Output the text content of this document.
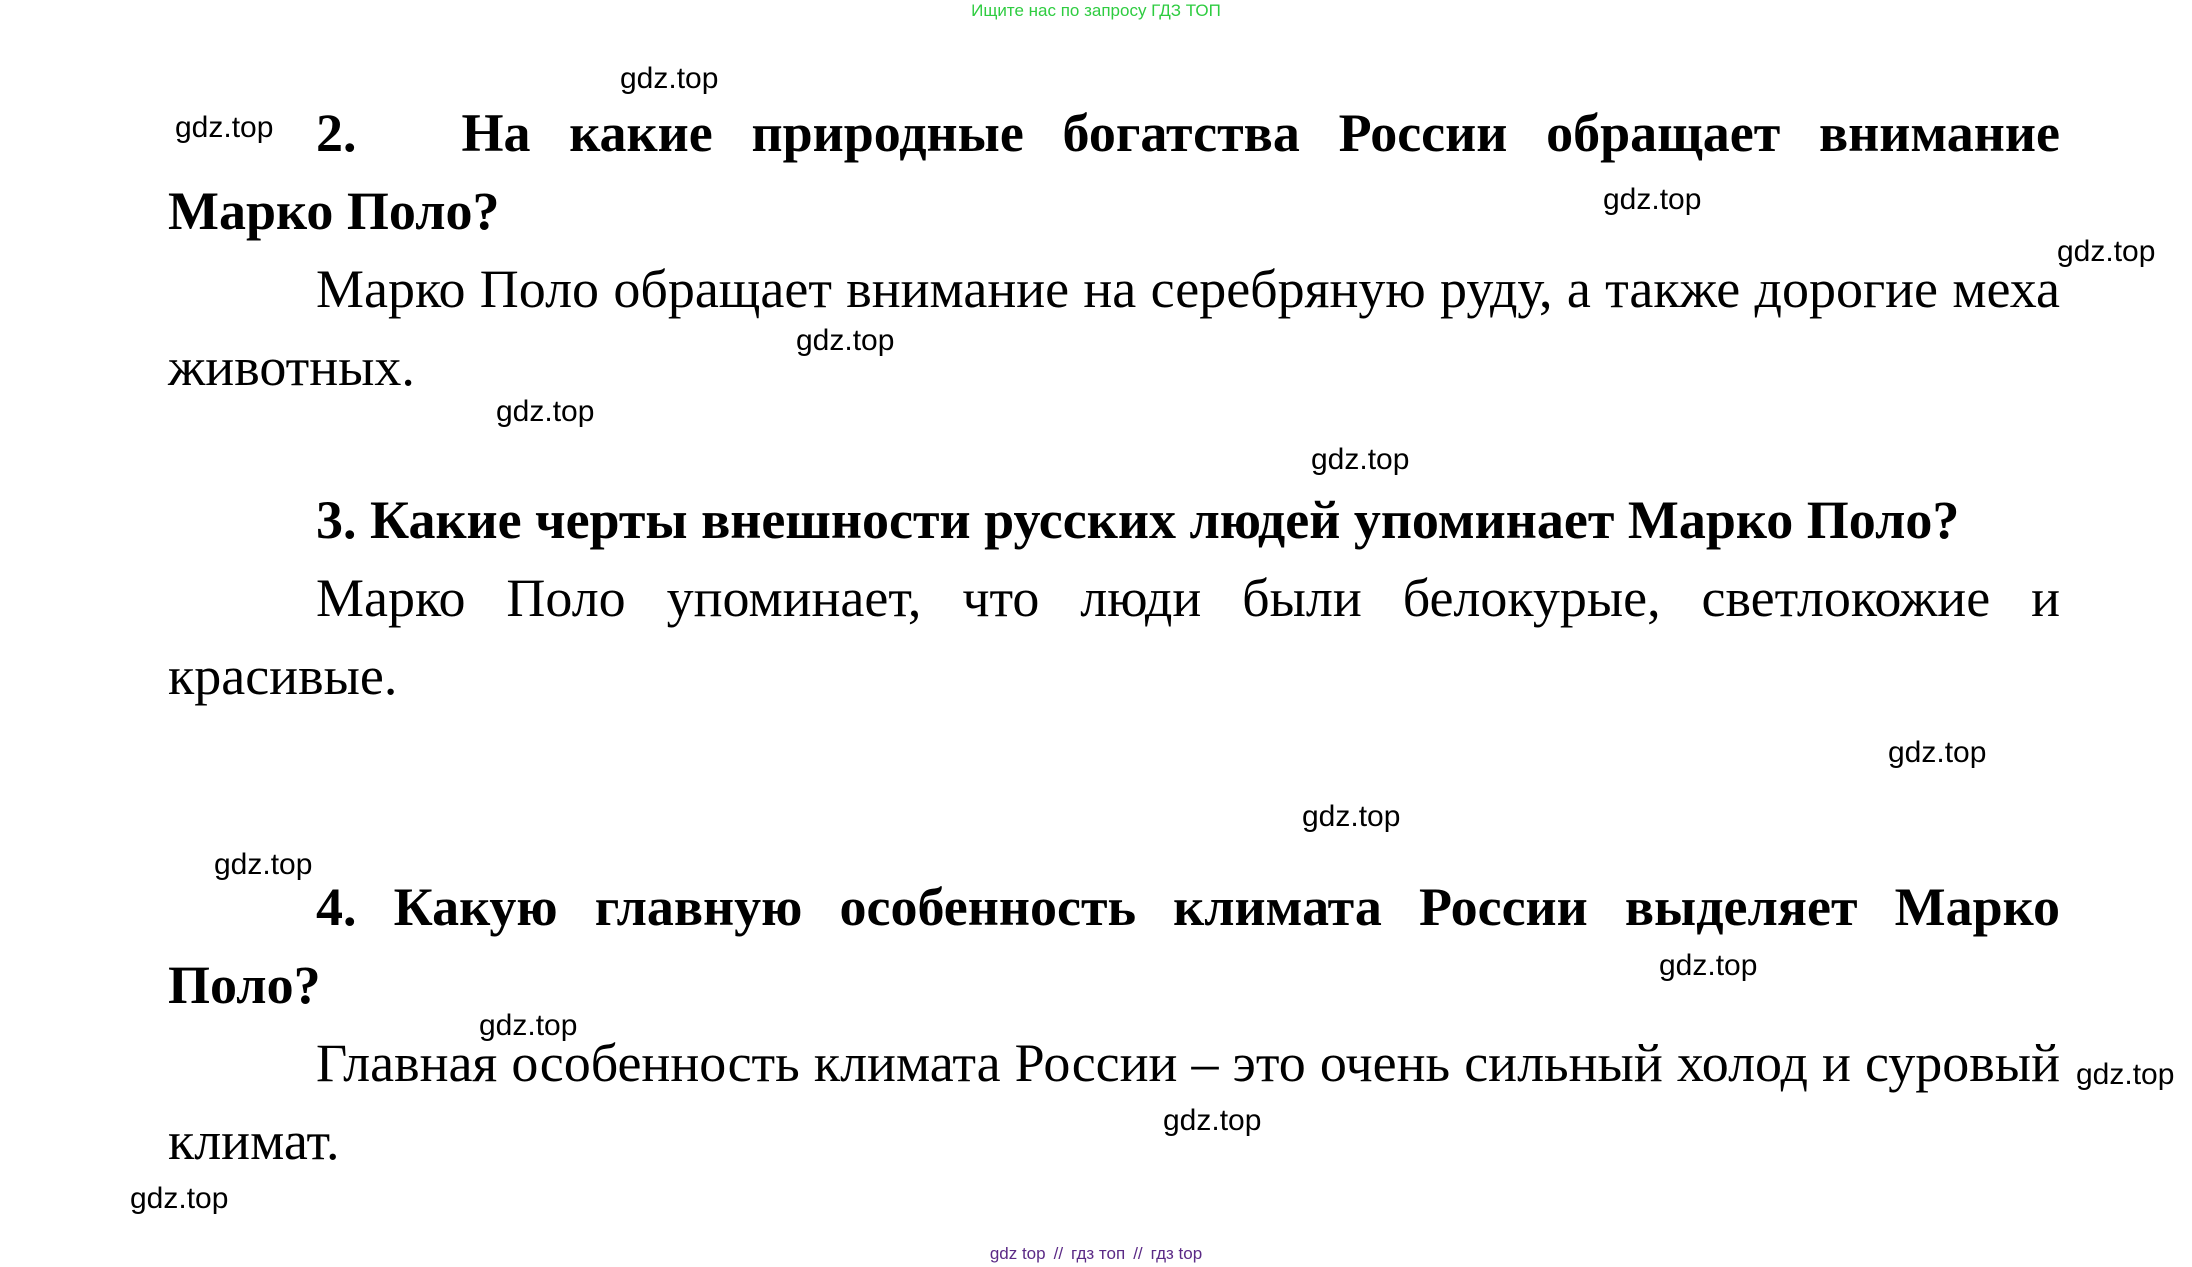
Ищите нас по запросу ГДЗ ТОП
2. На какие природные богатства России обращает внимание Марко Поло?
Марко Поло обращает внимание на серебряную руду, а также дорогие меха животных.
3. Какие черты внешности русских людей упоминает Марко Поло?
Марко Поло упоминает, что люди были белокурые, светлокожие и красивые.
4. Какую главную особенность климата России выделяет Марко Поло?
Главная особенность климата России – это очень сильный холод и суровый климат.
gdz.top
gdz.top
gdz.top
gdz.top
gdz.top
gdz.top
gdz.top
gdz.top
gdz.top
gdz.top
gdz.top
gdz.top
gdz.top
gdz.top
gdz.top
gdz top // гдз топ // гдз top
